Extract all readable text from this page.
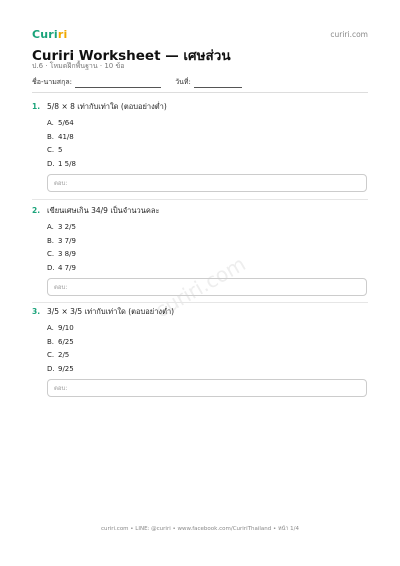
Curiri	curiri.com
Curiri Worksheet — เศษส่วน
ป.6 · โหมดฝึกพื้นฐาน · 10 ข้อ
ชื่อ-นามสกุล:	วันที่:
curiri.com
1. 5/8 × 8 เท่ากับเท่าใด (ตอบอย่างต่ำ)
A. 5/64
B. 41/8
C. 5
D. 1 5/8
ตอบ:
2. เขียนเศษเกิน 34/9 เป็นจำนวนคละ
A. 3 2/5
B. 3 7/9
C. 3 8/9
D. 4 7/9
ตอบ:
3. 3/5 × 3/5 เท่ากับเท่าใด (ตอบอย่างต่ำ)
A. 9/10
B. 6/25
C. 2/5
D. 9/25
ตอบ:
curiri.com • LINE: @curiri • www.facebook.com/CuririThailand • หน้า 1/4
